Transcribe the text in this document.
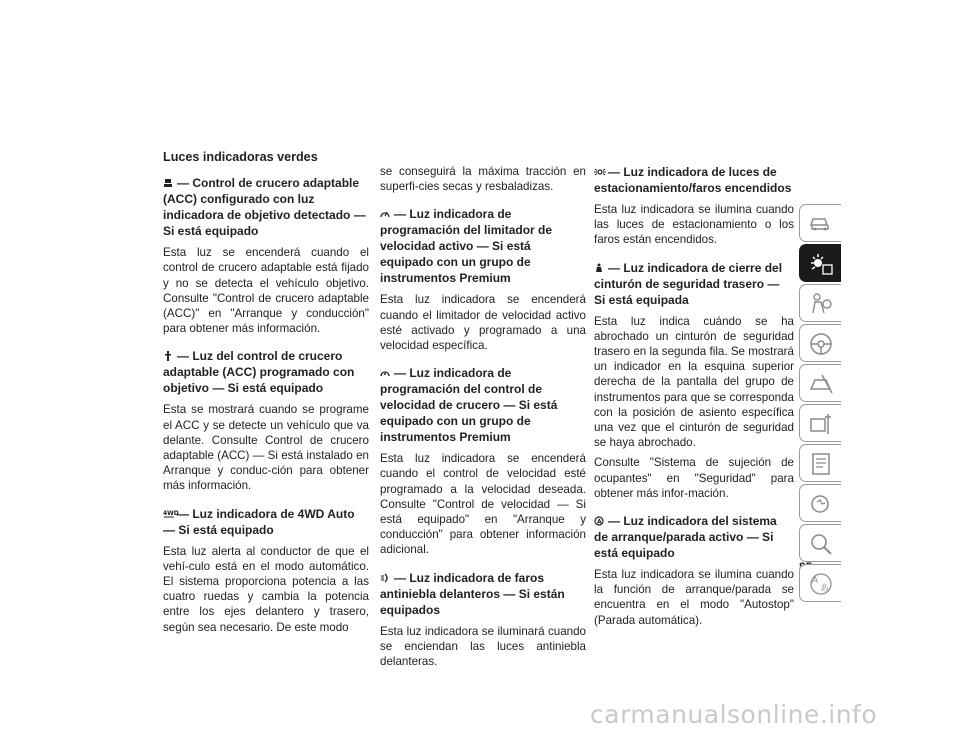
Luces indicadoras verdes
— Control de crucero adaptable (ACC) configurado con luz indicadora de objetivo detectado — Si está equipado

Esta luz se encenderá cuando el control de crucero adaptable está fijado y no se detecta el vehículo objetivo. Consulte "Control de crucero adaptable (ACC)" en "Arranque y conducción" para obtener más información.

— Luz del control de crucero adaptable (ACC) programado con objetivo — Si está equipado

Esta se mostrará cuando se programe el ACC y se detecte un vehículo que va delante. Consulte Control de crucero adaptable (ACC) — Si está instalado en Arranque y conduc-ción para obtener más información.

4WD
— Luz indicadora de 4WD Auto — Si está equipado

Esta luz alerta al conductor de que el vehí-culo está en el modo automático. El sistema proporciona potencia a las cuatro ruedas y cambia la potencia entre los ejes delantero y trasero, según sea necesario. De este modo

se conseguirá la máxima tracción en superfi-cies secas y resbaladizas.

— Luz indicadora de programación del limitador de velocidad activo — Si está equipado con un grupo de instrumentos Premium

Esta luz indicadora se encenderá cuando el limitador de velocidad activo esté activado y programado a una velocidad específica.

— Luz indicadora de programación del control de velocidad de crucero — Si está equipado con un grupo de instrumentos Premium

Esta luz indicadora se encenderá cuando el control de velocidad esté programado a la velocidad deseada. Consulte "Control de velocidad — Si está equipado" en "Arranque y conducción" para obtener información adicional.

— Luz indicadora de faros antiniebla delanteros — Si están equipados

Esta luz indicadora se iluminará cuando se enciendan las luces antiniebla delanteras.

— Luz indicadora de luces de estacionamiento/faros encendidos

Esta luz indicadora se ilumina cuando las luces de estacionamiento o los faros están encendidos.

— Luz indicadora de cierre del cinturón de seguridad trasero — Si está equipada

Esta luz indica cuándo se ha abrochado un cinturón de seguridad trasero en la segunda fila. Se mostrará un indicador en la esquina superior derecha de la pantalla del grupo de instrumentos para que se corresponda con la posición de asiento específica una vez que el cinturón de seguridad se haya abrochado.

Consulte "Sistema de sujeción de ocupantes" en "Seguridad" para obtener más infor-mación.

A — Luz indicadora del sistema de arranque/parada activo — Si está equipado

Esta luz indicadora se ilumina cuando la función de arranque/parada se encuentra en el modo "Autostop" (Parada automática).

A
あ
carmanualsonline.info
